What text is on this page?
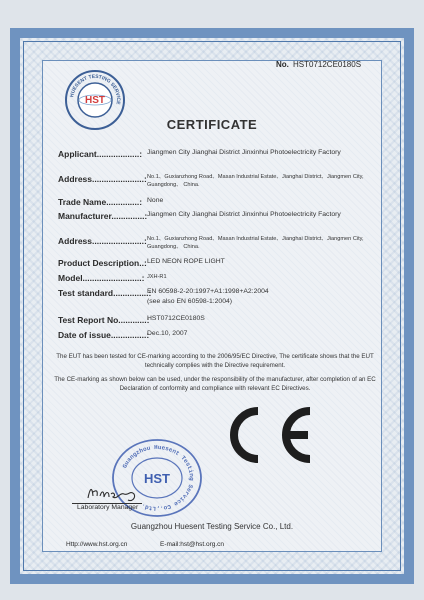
No. HST0712CE0180S
HUESENT TESTING SERVICE
HST
CERTIFICATE
Applicant..................: Jiangmen City Jianghai District Jinxinhui Photoelectricity Factory
Address......................: No.1、Guxianzhong Road、Masan Industrial Estate、Jianghai District、Jiangmen City, Guangdong、 China.
Trade Name..............: None
Manufacturer..............: Jiangmen City Jianghai District Jinxinhui Photoelectricity Factory
Address......................: No.1、Guxianzhong Road、Masan Industrial Estate、Jianghai District、Jiangmen City, Guangdong、 China.
Product Description..: LED NEON ROPE LIGHT
Model.........................: JXH-R1
Test standard...............:
EN 60598-2-20:1997+A1:1998+A2:2004
(see also EN 60598-1:2004)
Test Report No............:
HST0712CE0180S
Date of issue...............:
Dec.10, 2007
The EUT has been tested for CE-marking according to the 2006/95/EC Directive, The certificate shows that the EUT technically complies with the Directive requirement.
The CE-marking as shown below can be used, under the responsibility of the manufacturer, after completion of an EC Declaration of conformity and compliance with relevant EC Directives.
CE
Guangzhou Huesent Testing Service Co.,Ltd.
HST
Henry
Laboratory Manager
Guangzhou Huesent Testing Service Co., Ltd.
Http://www.hst.org.cn	E-mail:hst@hst.org.cn
